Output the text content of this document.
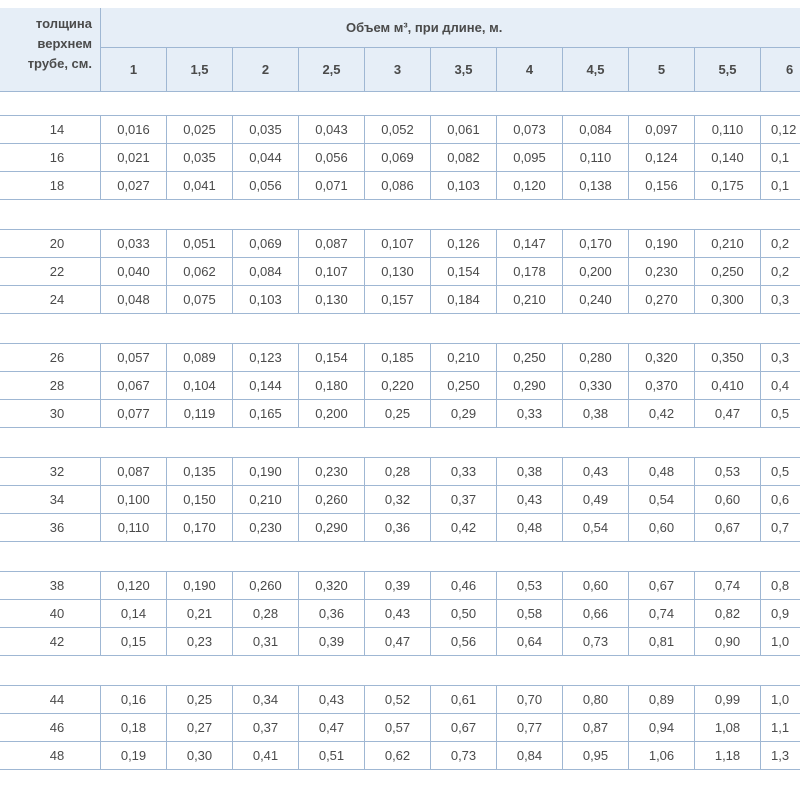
толщина
верхнем
трубе, см.
Объем м³, при длине, м.
1	1,5	2	2,5	3	3,5	4	4,5	5	5,5	6
14	0,016	0,025	0,035	0,043	0,052	0,061	0,073	0,084	0,097	0,110	0,12
16	0,021	0,035	0,044	0,056	0,069	0,082	0,095	0,110	0,124	0,140	0,1
18	0,027	0,041	0,056	0,071	0,086	0,103	0,120	0,138	0,156	0,175	0,1
20	0,033	0,051	0,069	0,087	0,107	0,126	0,147	0,170	0,190	0,210	0,2
22	0,040	0,062	0,084	0,107	0,130	0,154	0,178	0,200	0,230	0,250	0,2
24	0,048	0,075	0,103	0,130	0,157	0,184	0,210	0,240	0,270	0,300	0,3
26	0,057	0,089	0,123	0,154	0,185	0,210	0,250	0,280	0,320	0,350	0,3
28	0,067	0,104	0,144	0,180	0,220	0,250	0,290	0,330	0,370	0,410	0,4
30	0,077	0,119	0,165	0,200	0,25	0,29	0,33	0,38	0,42	0,47	0,5
32	0,087	0,135	0,190	0,230	0,28	0,33	0,38	0,43	0,48	0,53	0,5
34	0,100	0,150	0,210	0,260	0,32	0,37	0,43	0,49	0,54	0,60	0,6
36	0,110	0,170	0,230	0,290	0,36	0,42	0,48	0,54	0,60	0,67	0,7
38	0,120	0,190	0,260	0,320	0,39	0,46	0,53	0,60	0,67	0,74	0,8
40	0,14	0,21	0,28	0,36	0,43	0,50	0,58	0,66	0,74	0,82	0,9
42	0,15	0,23	0,31	0,39	0,47	0,56	0,64	0,73	0,81	0,90	1,0
44	0,16	0,25	0,34	0,43	0,52	0,61	0,70	0,80	0,89	0,99	1,0
46	0,18	0,27	0,37	0,47	0,57	0,67	0,77	0,87	0,94	1,08	1,1
48	0,19	0,30	0,41	0,51	0,62	0,73	0,84	0,95	1,06	1,18	1,3
